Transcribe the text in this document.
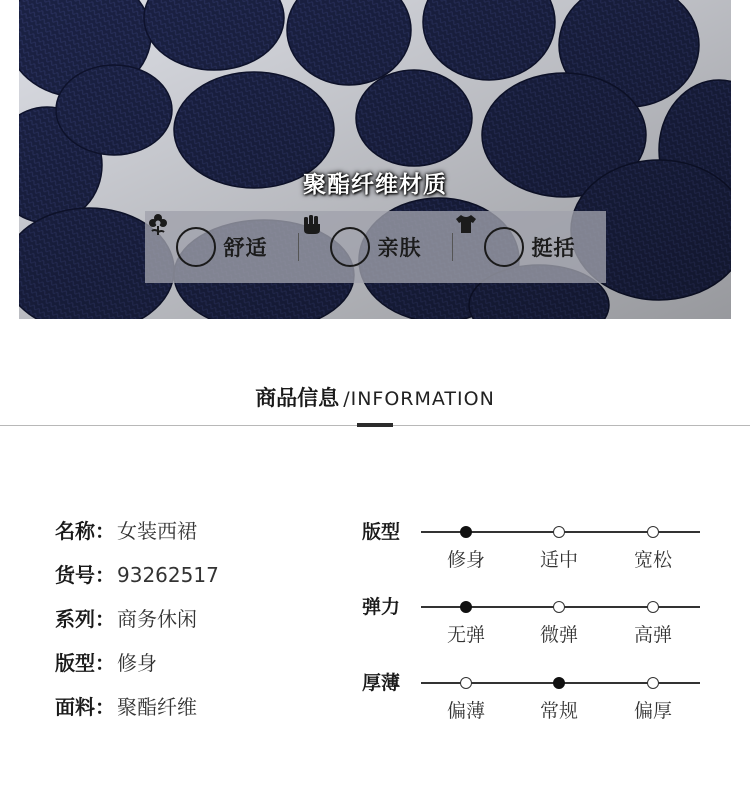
聚酯纤维材质
舒适	亲肤	挺括
商品信息 /INFORMATION
名称： 女装西裙
货号： 93262517
系列： 商务休闲
版型： 修身
面料： 聚酯纤维
版型
修身	适中	宽松
弹力
无弹	微弹	高弹
厚薄
偏薄	常规	偏厚
